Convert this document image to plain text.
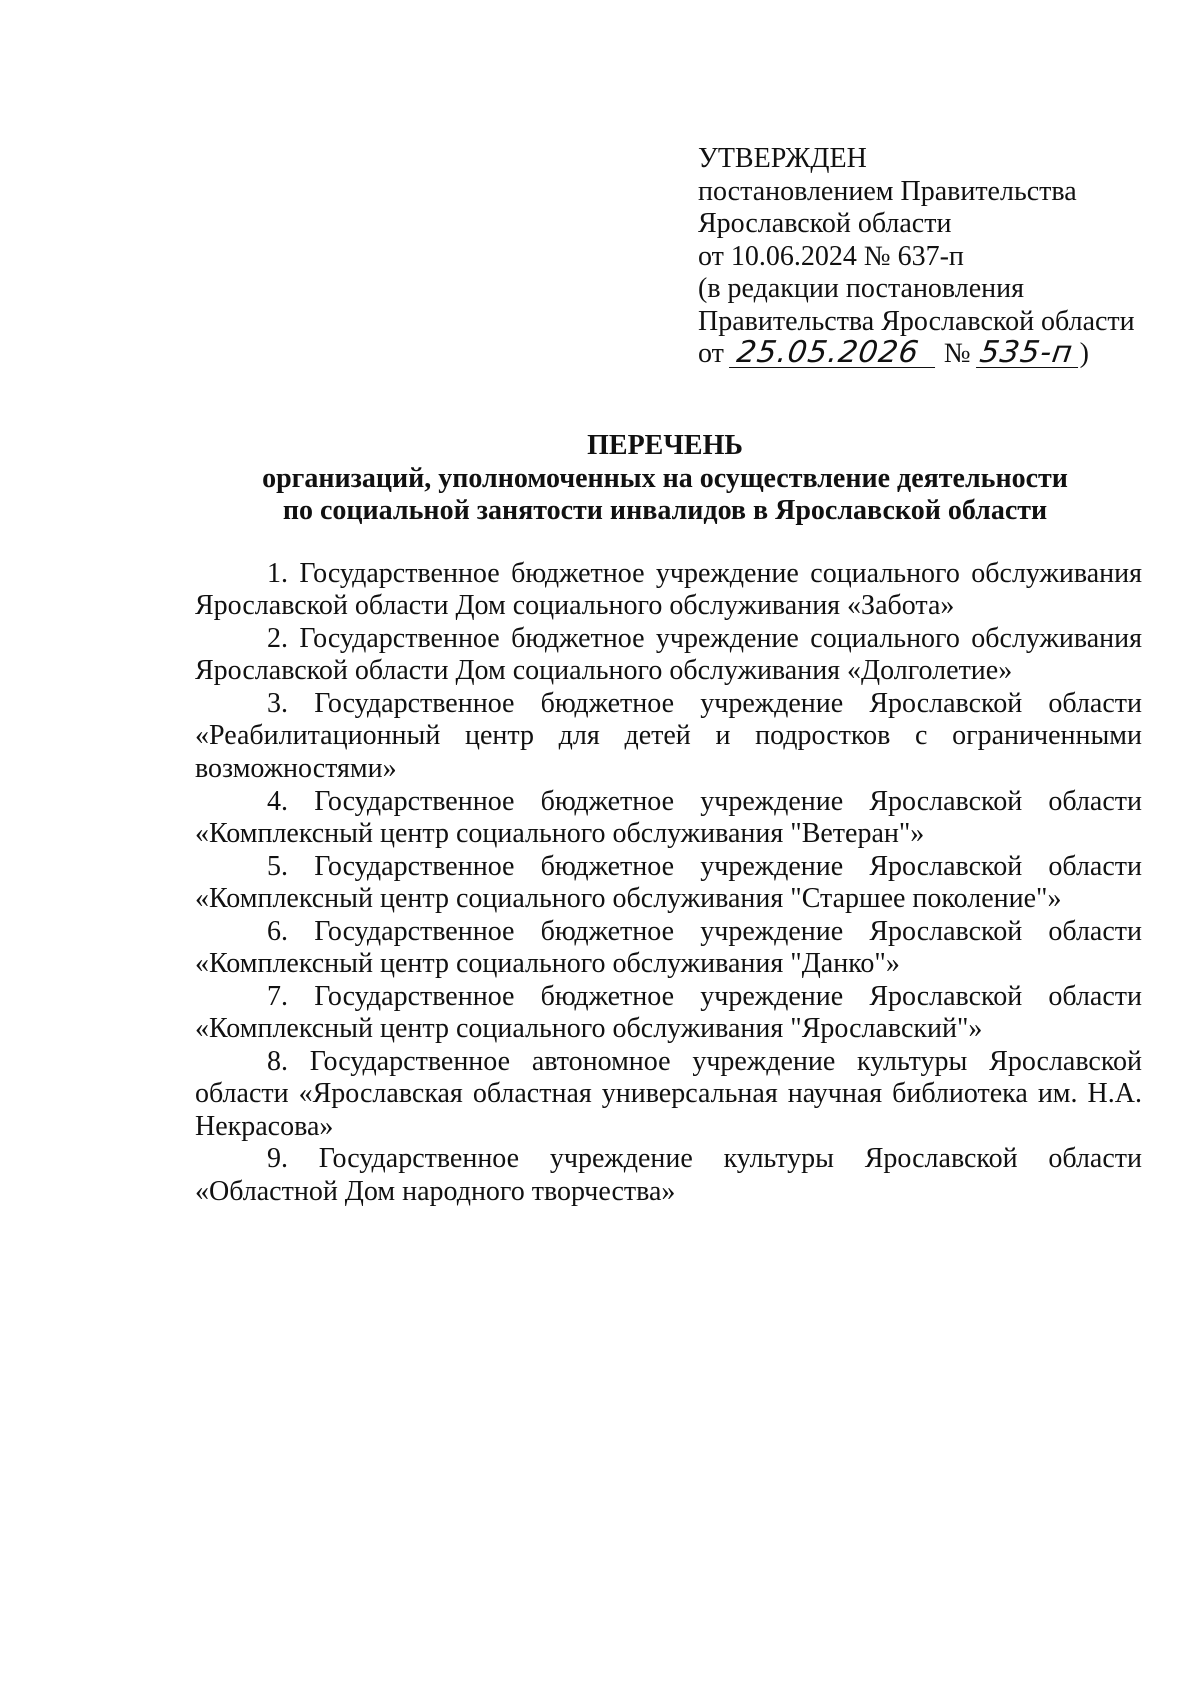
УТВЕРЖДЕН
постановлением Правительства
Ярославской области
от 10.06.2024 № 637-п
(в редакции постановления
Правительства Ярославской области
от 25.05.2026 № 535-п )
ПЕРЕЧЕНЬ
организаций, уполномоченных на осуществление деятельности
по социальной занятости инвалидов в Ярославской области

1. Государственное бюджетное учреждение социального обслуживания Ярославской области Дом социального обслуживания «Забота»

2. Государственное бюджетное учреждение социального обслуживания Ярославской области Дом социального обслуживания «Долголетие»

3. Государственное бюджетное учреждение Ярославской области «Реабилитационный центр для детей и подростков с ограниченными возможностями»

4. Государственное бюджетное учреждение Ярославской области «Комплексный центр социального обслуживания "Ветеран"»

5. Государственное бюджетное учреждение Ярославской области «Комплексный центр социального обслуживания "Старшее поколение"»

6. Государственное бюджетное учреждение Ярославской области «Комплексный центр социального обслуживания "Данко"»

7. Государственное бюджетное учреждение Ярославской области «Комплексный центр социального обслуживания "Ярославский"»

8. Государственное автономное учреждение культуры Ярославской области «Ярославская областная универсальная научная библиотека им. Н.А. Некрасова»

9. Государственное учреждение культуры Ярославской области «Областной Дом народного творчества»
